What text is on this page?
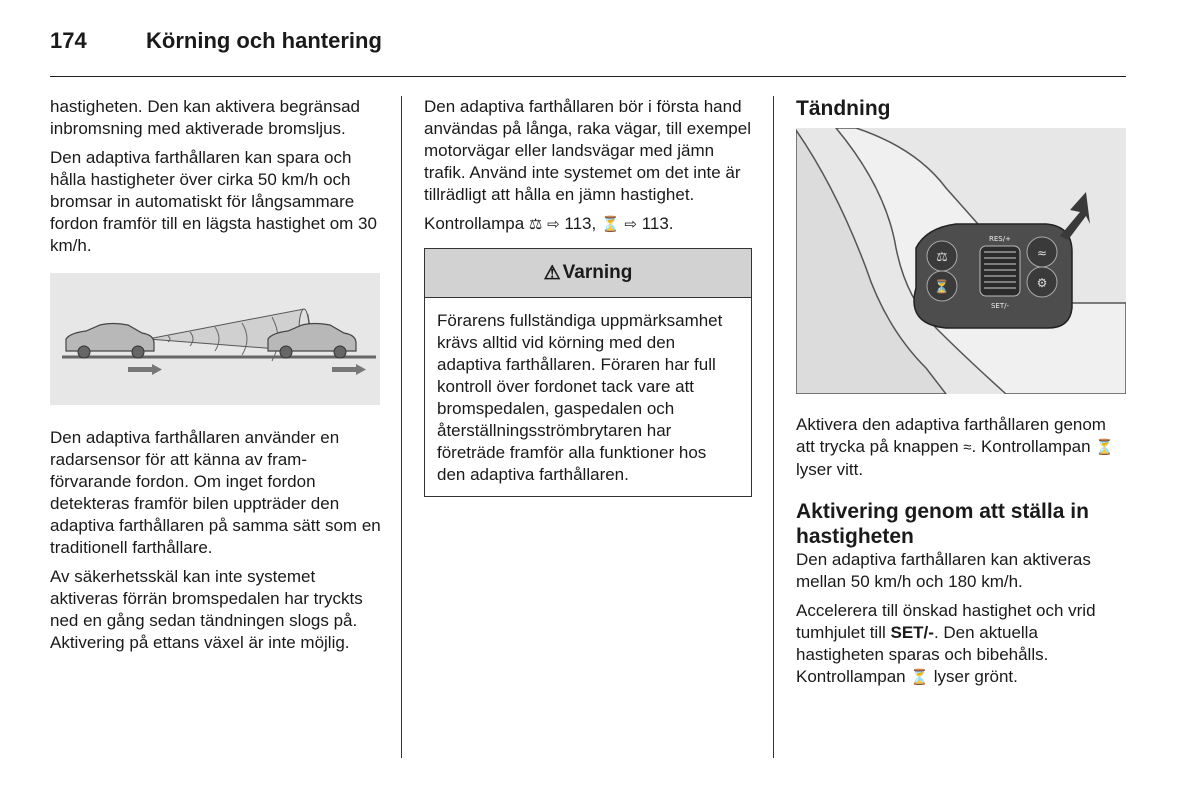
174	Körning och hantering

hastigheten. Den kan aktivera begränsad inbromsning med aktiverade bromsljus.

Den adaptiva farthållaren kan spara och hålla hastigheter över cirka 50 km/h och bromsar in automatiskt för långsammare fordon framför till en lägsta hastighet om 30 km/h.

Den adaptiva farthållaren använder en radarsensor för att känna av framförvarande fordon. Om inget fordon detekteras framför bilen uppträder den adaptiva farthållaren på samma sätt som en traditionell farthållare.

Av säkerhetsskäl kan inte systemet aktiveras förrän bromspedalen har tryckts ned en gång sedan tändningen slogs på. Aktivering på ettans växel är inte möjlig.

Den adaptiva farthållaren bör i första hand användas på långa, raka vägar, till exempel motorvägar eller landsvägar med jämn trafik. Använd inte systemet om det inte är tillrädligt att hålla en jämn hastighet.

Kontrollampa ⚖ ⇨ 113, ⏳ ⇨ 113.

⚠ Varning

Förarens fullständiga uppmärksamhet krävs alltid vid körning med den adaptiva farthållaren. Föraren har full kontroll över fordonet tack vare att bromspedalen, gaspedalen och återställningsströmbrytaren har företräde framför alla funktioner hos den adaptiva farthållaren.

Tändning
⚖
⏳
≈
⚙
RES/+
SET/-

Aktivera den adaptiva farthållaren genom att trycka på knappen ≈. Kontrollampan ⏳ lyser vitt.

Aktivering genom att ställa in hastigheten

Den adaptiva farthållaren kan aktiveras mellan 50 km/h och 180 km/h.

Accelerera till önskad hastighet och vrid tumhjulet till SET/-. Den aktuella hastigheten sparas och bibehålls. Kontrollampan ⏳ lyser grönt.
